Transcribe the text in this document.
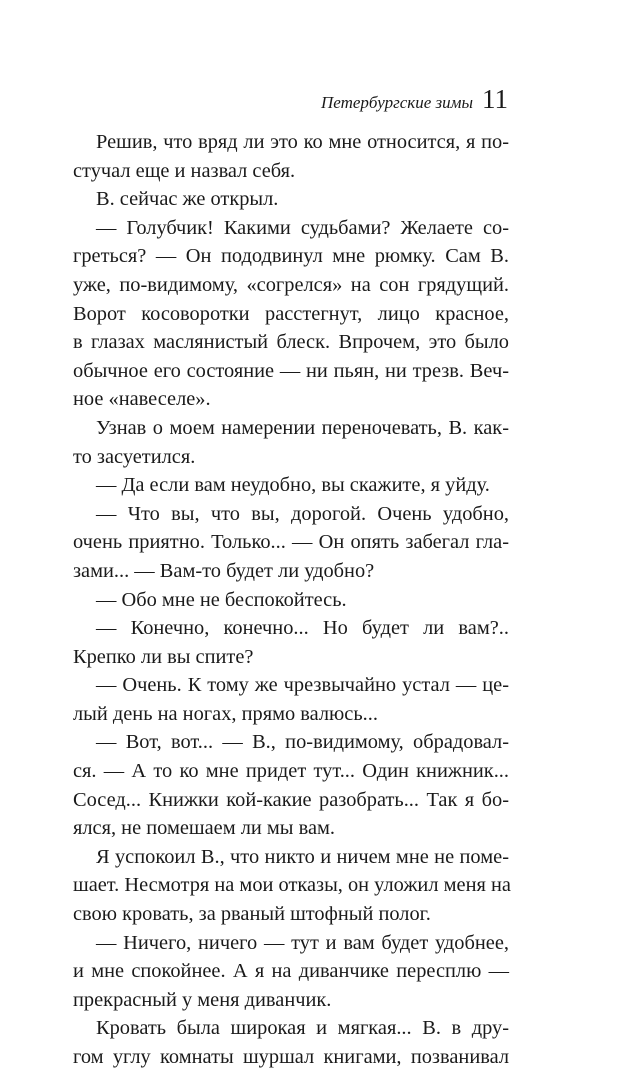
Петербургские зимы 11
Решив, что вряд ли это ко мне относится, я по-
стучал еще и назвал себя.
В. сейчас же открыл.
— Голубчик! Какими судьбами? Желаете со-
греться? — Он пододвинул мне рюмку. Сам В.
уже, по-видимому, «согрелся» на сон грядущий.
Ворот косоворотки расстегнут, лицо красное,
в глазах маслянистый блеск. Впрочем, это было
обычное его состояние — ни пьян, ни трезв. Веч-
ное «навеселе».
Узнав о моем намерении переночевать, В. как-
то засуетился.
— Да если вам неудобно, вы скажите, я уйду.
— Что вы, что вы, дорогой. Очень удобно,
очень приятно. Только... — Он опять забегал гла-
зами... — Вам-то будет ли удобно?
— Обо мне не беспокойтесь.
— Конечно, конечно... Но будет ли вам?..
Крепко ли вы спите?
— Очень. К тому же чрезвычайно устал — це-
лый день на ногах, прямо валюсь...
— Вот, вот... — В., по-видимому, обрадовал-
ся. — А то ко мне придет тут... Один книжник...
Сосед... Книжки кой-какие разобрать... Так я бо-
ялся, не помешаем ли мы вам.
Я успокоил В., что никто и ничем мне не поме-
шает. Несмотря на мои отказы, он уложил меня на
свою кровать, за рваный штофный полог.
— Ничего, ничего — тут и вам будет удобнее,
и мне спокойнее. А я на диванчике пересплю —
прекрасный у меня диванчик.
Кровать была широкая и мягкая... В. в дру-
гом углу комнаты шуршал книгами, позванивал
